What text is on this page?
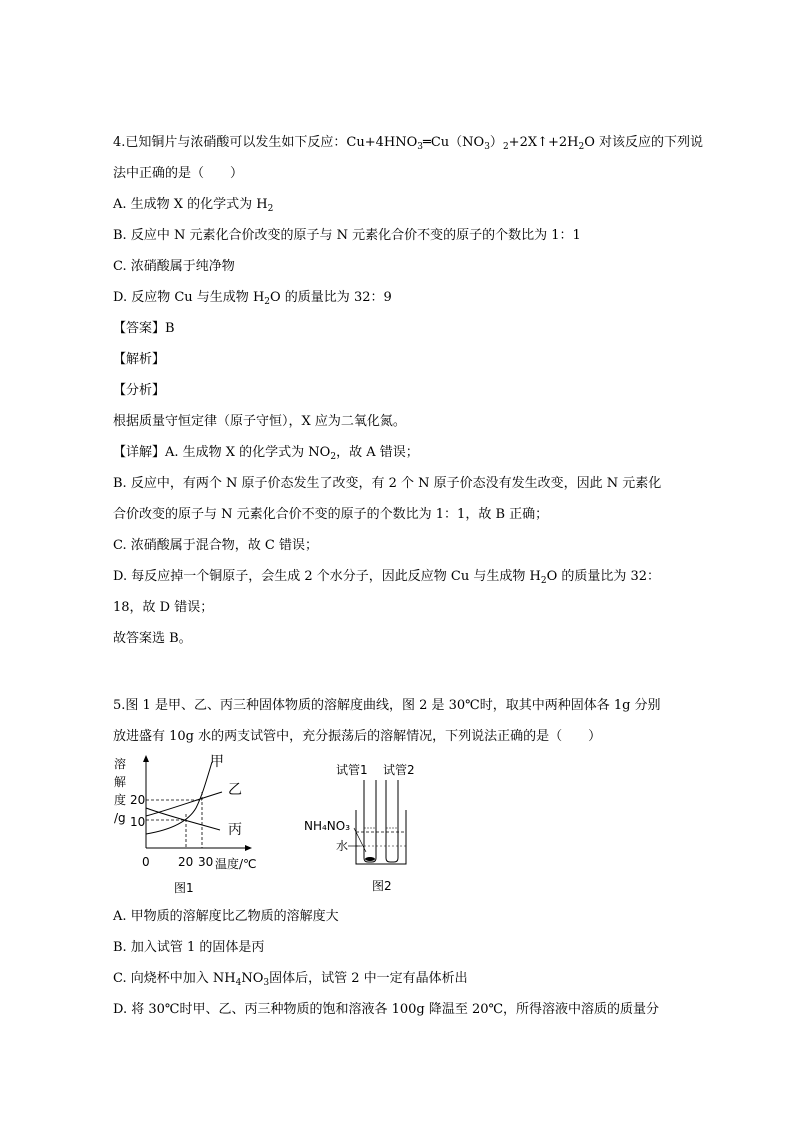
4.已知铜片与浓硝酸可以发生如下反应：$Cu+4HNO_3═Cu(NO_3)_2+2X↑+2H_2O$ 对该反应的下列说
法中正确的是（　　）
A. 生成物 X 的化学式为 $H_2$
B. 反应中 N 元素化合价改变的原子与 N 元素化合价不变的原子的个数比为 1：1
C. 浓硝酸属于纯净物
D. 反应物 Cu 与生成物 $H_2O$ 的质量比为 32：9
【答案】B
【解析】
【分析】
根据质量守恒定律（原子守恒），X 应为二氧化氮。
【详解】A. 生成物 X 的化学式为 $NO_2$，故 A 错误；
B. 反应中，有两个 N 原子价态发生了改变，有 2 个 N 原子价态没有发生改变，因此 N 元素化
合价改变的原子与 N 元素化合价不变的原子的个数比为 1：1，故 B 正确；
C. 浓硝酸属于混合物，故 C 错误；
D. 每反应掉一个铜原子，会生成 2 个水分子，因此反应物 Cu 与生成物 $H_2O$ 的质量比为 32：
18，故 D 错误；
故答案选 B。
5.图 1 是甲、乙、丙三种固体物质的溶解度曲线，图 2 是 30℃时，取其中两种固体各 1g 分别
放进盛有 10g 水的两支试管中，充分振荡后的溶解情况，下列说法正确的是（　　）
溶
解
度
/g
20
10
甲
乙
丙
0 20 30 温度/℃
图1
试管1 试管2
NH₄NO₃
水
图2
A. 甲物质的溶解度比乙物质的溶解度大
B. 加入试管 1 的固体是丙
C. 向烧杯中加入 $NH_4NO_3$固体后，试管 2 中一定有晶体析出
D. 将 30℃时甲、乙、丙三种物质的饱和溶液各 100g 降温至 20℃，所得溶液中溶质的质量分
